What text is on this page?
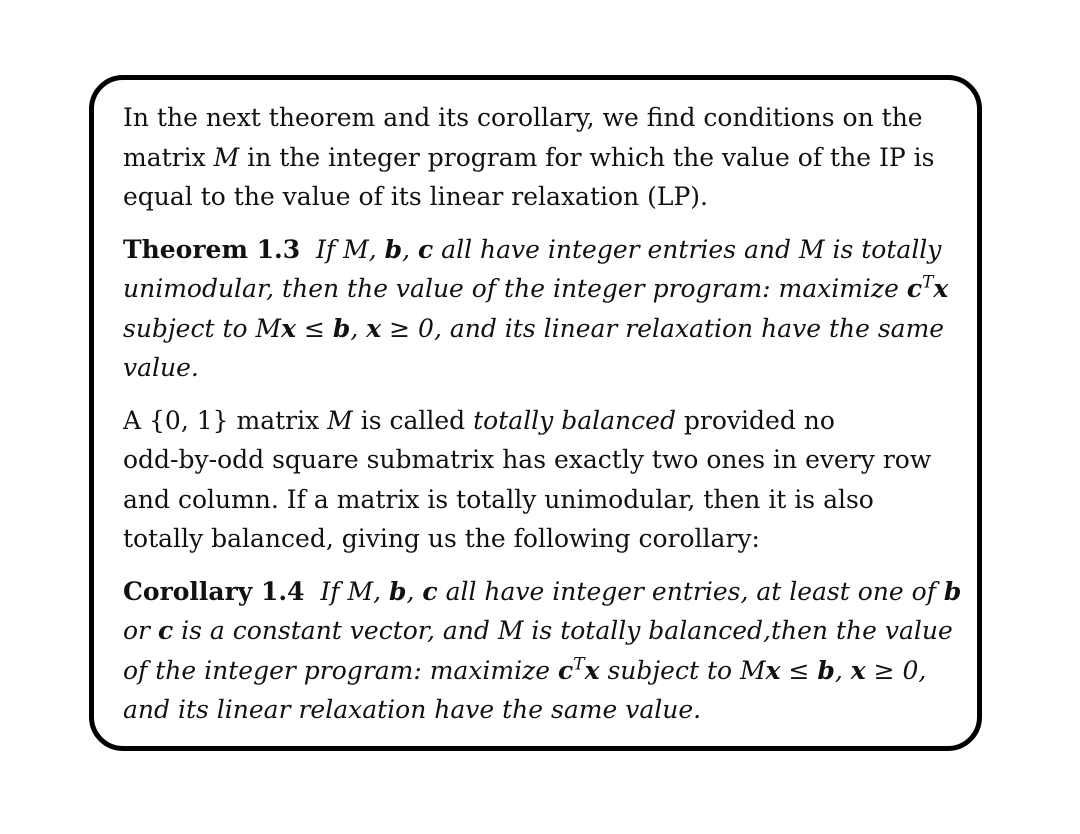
In the next theorem and its corollary, we find conditions on the
matrix M in the integer program for which the value of the IP is
equal to the value of its linear relaxation (LP).

Theorem 1.3 If M, b, c all have integer entries and M is totally
unimodular, then the value of the integer program: maximize $c^Tx$
subject to Mx ≤ b, x ≥ 0, and its linear relaxation have the same
value.

A {0, 1} matrix M is called totally balanced provided no
odd-by-odd square submatrix has exactly two ones in every row
and column. If a matrix is totally unimodular, then it is also
totally balanced, giving us the following corollary:

Corollary 1.4 If M, b, c all have integer entries, at least one of b
or c is a constant vector, and M is totally balanced,then the value
of the integer program: maximize $c^Tx$ subject to Mx ≤ b, x ≥ 0,
and its linear relaxation have the same value.
